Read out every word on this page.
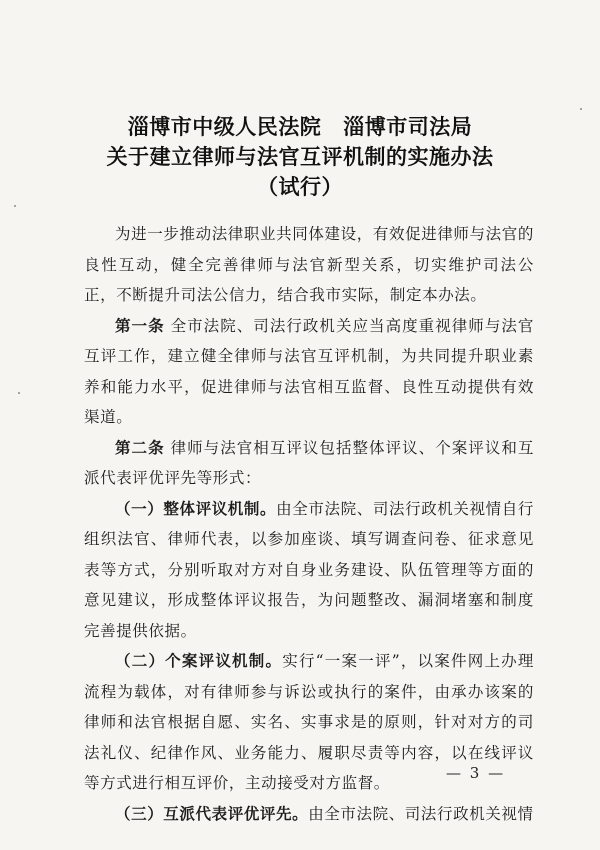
淄博市中级人民法院 淄博市司法局
关于建立律师与法官互评机制的实施办法
（试行）

为进一步推动法律职业共同体建设，有效促进律师与法官的良性互动，健全完善律师与法官新型关系，切实维护司法公正，不断提升司法公信力，结合我市实际，制定本办法。

第一条 全市法院、司法行政机关应当高度重视律师与法官互评工作，建立健全律师与法官互评机制，为共同提升职业素养和能力水平，促进律师与法官相互监督、良性互动提供有效渠道。

第二条 律师与法官相互评议包括整体评议、个案评议和互派代表评优评先等形式：

（一）整体评议机制。由全市法院、司法行政机关视情自行组织法官、律师代表，以参加座谈、填写调查问卷、征求意见表等方式，分别听取对方对自身业务建设、队伍管理等方面的意见建议，形成整体评议报告，为问题整改、漏洞堵塞和制度完善提供依据。

（二）个案评议机制。实行“一案一评”，以案件网上办理流程为载体，对有律师参与诉讼或执行的案件，由承办该案的律师和法官根据自愿、实名、实事求是的原则，针对对方的司法礼仪、纪律作风、业务能力、履职尽责等内容，以在线评议等方式进行相互评价，主动接受对方监督。

（三）互派代表评优评先。由全市法院、司法行政机关视情

— 3 —
